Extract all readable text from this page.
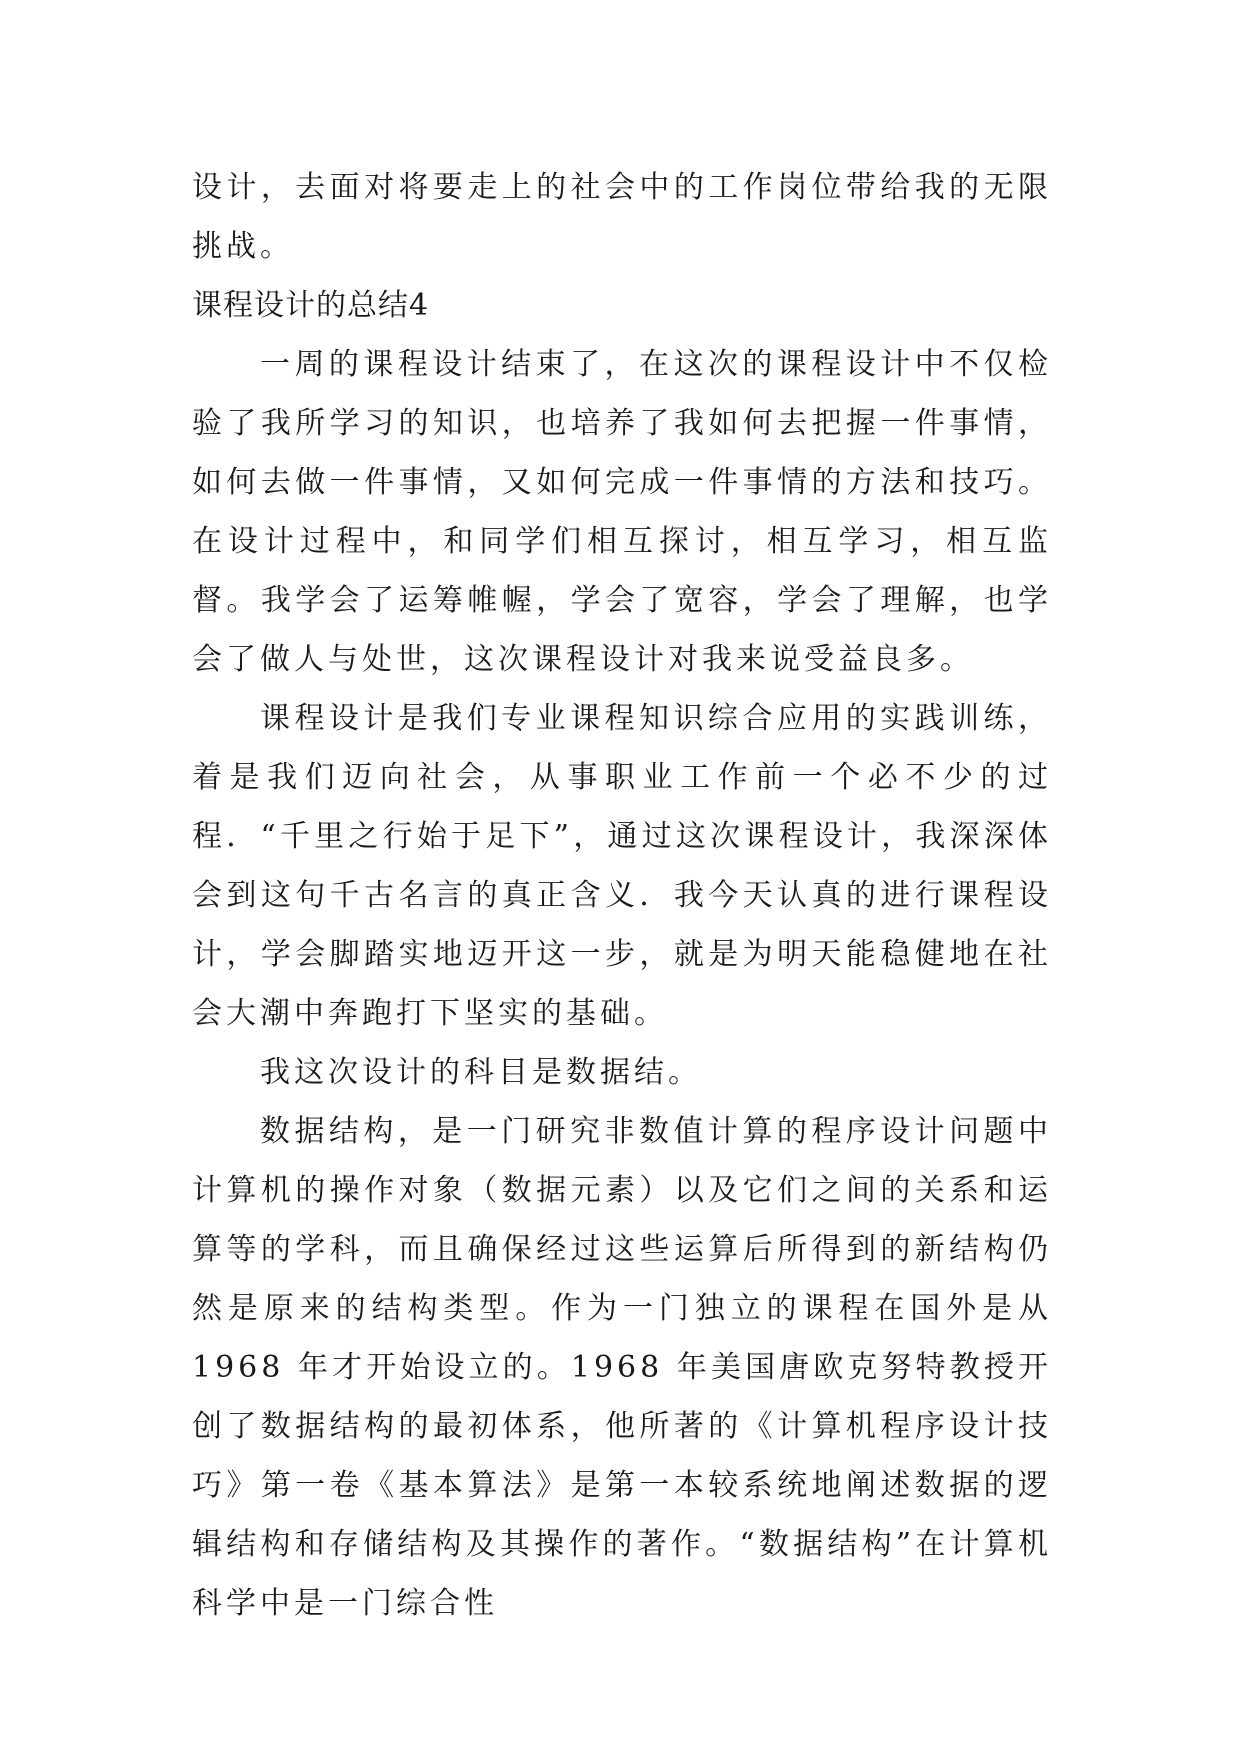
设计，去面对将要走上的社会中的工作岗位带给我的无限挑战。

课程设计的总结4

一周的课程设计结束了，在这次的课程设计中不仅检验了我所学习的知识，也培养了我如何去把握一件事情，如何去做一件事情，又如何完成一件事情的方法和技巧。在设计过程中，和同学们相互探讨，相互学习，相互监督。我学会了运筹帷幄，学会了宽容，学会了理解，也学会了做人与处世，这次课程设计对我来说受益良多。

课程设计是我们专业课程知识综合应用的实践训练，着是我们迈向社会，从事职业工作前一个必不少的过程．“千里之行始于足下”，通过这次课程设计，我深深体会到这句千古名言的真正含义．我今天认真的进行课程设计，学会脚踏实地迈开这一步，就是为明天能稳健地在社会大潮中奔跑打下坚实的基础。

我这次设计的科目是数据结。

数据结构，是一门研究非数值计算的程序设计问题中计算机的操作对象（数据元素）以及它们之间的关系和运算等的学科，而且确保经过这些运算后所得到的新结构仍然是原来的结构类型。作为一门独立的课程在国外是从 1968 年才开始设立的。1968 年美国唐欧克努特教授开创了数据结构的最初体系，他所著的《计算机程序设计技巧》第一卷《基本算法》是第一本较系统地阐述数据的逻辑结构和存储结构及其操作的著作。“数据结构”在计算机科学中是一门综合性
